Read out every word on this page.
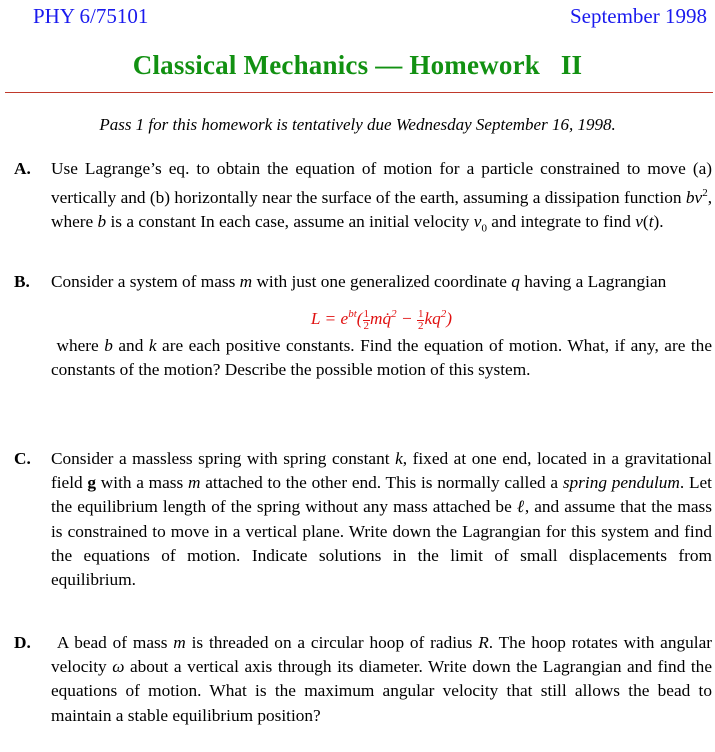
PHY 6/75101	September 1998
Classical Mechanics — Homework   II
Pass 1 for this homework is tentatively due Wednesday September 16, 1998.
A.	Use Lagrange’s eq. to obtain the equation of motion for a particle constrained to move (a) vertically and (b) horizontally near the surface of the earth, assuming a dissipation function $bv^2$, where b is a constant In each case, assume an initial velocity $v_0$ and integrate to find v(t).
B.	Consider a system of mass m with just one generalized coordinate q having a Lagrangian
$L = e^{bt}( \frac{1}{2}$ mq̇$^2$ − $\frac{1}{2} kq^2$)
where b and k are each positive constants. Find the equation of motion. What, if any, are the constants of the motion? Describe the possible motion of this system.
C.	Consider a massless spring with spring constant k, fixed at one end, located in a gravitational field g with a mass m attached to the other end. This is normally called a spring pendulum. Let the equilibrium length of the spring without any mass attached be ℓ, and assume that the mass is constrained to move in a vertical plane. Write down the Lagrangian for this system and find the equations of motion. Indicate solutions in the limit of small displacements from equilibrium.
D.	A bead of mass m is threaded on a circular hoop of radius R. The hoop rotates with angular velocity ω about a vertical axis through its diameter. Write down the Lagrangian and find the equations of motion. What is the maximum angular velocity that still allows the bead to maintain a stable equilibrium position?
